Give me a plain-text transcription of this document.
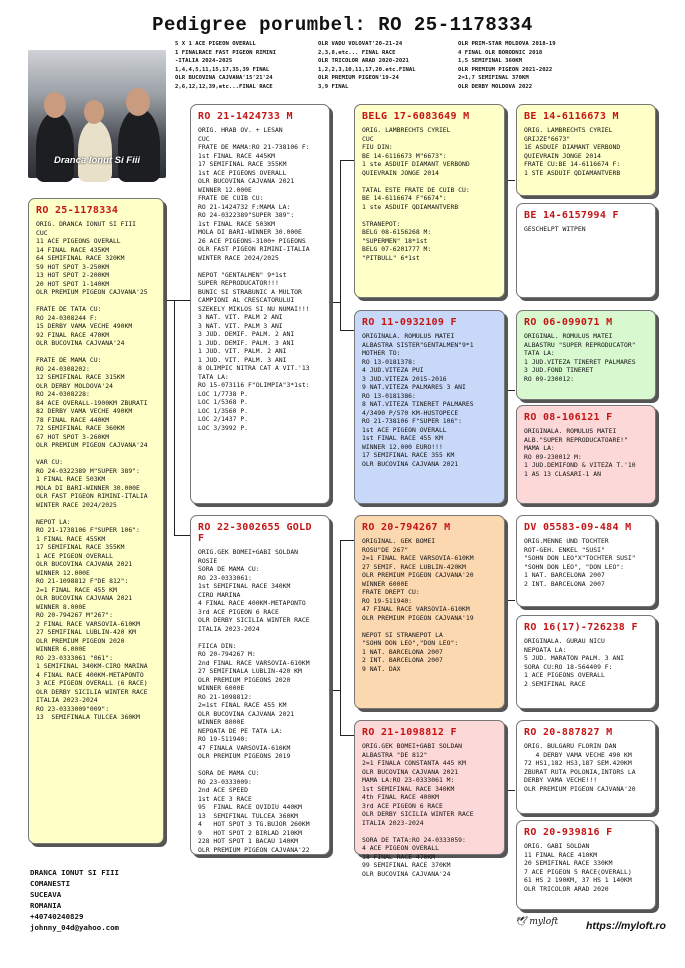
Pedigree porumbel: RO 25-1178334
Dranca Ionut Si Fiii
5 X 1 ACE PIGEON OVERALL
1 FINALRACE FAST PIGEON RIMINI
-ITALIA 2024-2025
1,4,4,5,11,15,17,35,39 FINAL
OLR BUCOVINA CAJVANA'15'21'24
2,6,12,12,39,etc...FINAL RACE
OLR VADU VOLOVAT'20-21-24
2,3,8,etc... FINAL RACE
OLR TRICOLOR ARAD 2020-2021
1,2,2,3,10,11,17,20.etc.FINAL
OLR PREMIUM PIGEON'19-24
3,9 FINAL
OLR PRIM-STAR MOLDOVA 2018-19
4 FINAL OLR BORODNIC 2018
1,5 SEMIFINAL 360KM
OLR PREMIUM PIGEON 2021-2022
2=1,7 SEMIFINAL 370KM
OLR DERBY MOLDOVA 2022
RO 25-1178334
ORIG. DRANCA IONUT SI FIII
CUC
11 ACE PIGEONS OVERALL
14 FINAL RACE 435KM
64 SEMIFINAL RACE 320KM
59 HOT SPOT 3-250KM
13 HOT SPOT 2-200KM
20 HOT SPOT 1-140KM
OLR PREMIUM PIGEON CAJVANA'25

FRATE DE TATA CU:
RO 24-0308244 F:
15 DERBY VAMA VECHE 490KM
92 FINAL RACE 470KM
OLR BUCOVINA CAJVANA'24

FRATE DE MAMA CU:
RO 24-0308202:
12 SEMIFINAL RACE 315KM
OLR DERBY MOLDOVA'24
RO 24-0308228:
84 ACE OVERALL-1900KM ZBURATI
82 DERBY VAMA VECHE 490KM
78 FINAL RACE 440KM
72 SEMIFINAL RACE 360KM
67 HOT SPOT 3-260KM
OLR PREMIUM PIGEON CAJVANA'24

VAR CU:
RO 24-0322389 M"SUPER 389":
1 FINAL RACE 503KM
MOLA DI BARI-WINNER 30.000E
OLR FAST PIGEON RIMINI-ITALIA
WINTER RACE 2024/2025

NEPOT LA:
RO 21-1738106 F"SUPER 106":
1 FINAL RACE 455KM
17 SEMIFINAL RACE 355KM
1 ACE PIGEON OVERALL
OLR BUCOVINA CAJVANA 2021
WINNER 12.000E
RO 21-1098812 F"DE 812":
2=1 FINAL RACE 455 KM
OLR BUCOVINA CAJVANA 2021
WINNER 8.000E
RO 20-794267 M"267":
2 FINAL RACE VARSOVIA-610KM
27 SEMIFINAL LUBLIN-420 KM
OLR PREMIUM PIGEON 2020
WINNER 6.000E
RO 23-0333061 "061":
1 SEMIFINAL 340KM-CIRO MARINA
4 FINAL RACE 400KM-METAPONTO
3 ACE PIGEON OVERALL (6 RACE)
OLR DERBY SICILIA WINTER RACE
ITALIA 2023-2024
RO 23-0333009"009":
13  SEMIFINALA TULCEA 360KM
RO 21-1424733 M
ORIG. HRAB OV. + LESAN
CUC
FRATE DE MAMA:RO 21-738106 F:
1st FINAL RACE 445KM
17 SEMIFINAL RACE 355KM
1st ACE PIGEONS OVERALL
OLR BUCOVINA CAJVANA 2021
WINNER 12.000E
FRATE DE CUIB CU:
RO 21-1424732 F:MAMA LA:
RO 24-0322389"SUPER 389":
1st FINAL RACE 503KM
MOLA DI BARI-WINNER 30.000E
26 ACE PIGEONS-3100+ PIGEONS
OLR FAST PIGEON RIMINI-ITALIA
WINTER RACE 2024/2025

NEPOT "GENTALMEN" 9*1st
SUPER REPRODUCATOR!!!
BUNIC SI STRABUNIC A MULTOR
CAMPIONI AL CRESCATORULUI
SZEKELY MIKLOS SI NU NUMAI!!!
3 NAT. VIT. PALM 2 ANI
3 NAT. VIT. PALM 3 ANI
3 JUD. DEMIF. PALM. 2 ANI
1 JUD. DEMIF. PALM. 3 ANI
1 JUD. VIT. PALM. 2 ANI
1 JUD. VIT. PALM. 3 ANI
8 OLIMPIC NITRA CAT A VIT.'13
TATA LA:
RO 15-073116 F"OLIMPIA"3*1st:
LOC 1/7738 P.
LOC 1/5368 P.
LOC 1/3560 P.
LOC 2/1437 P.
LOC 3/3992 P.
RO 22-3002655 GOLD F
ORIG.GEK BOMEI+GABI SOLDAN
ROSIE
SORA DE MAMA CU:
RO 23-0333061:
1st SEMIFINAL RACE 340KM
CIRO MARINA
4 FINAL RACE 400KM-METAPONTO
3rd ACE PIGEON 6 RACE
OLR DERBY SICILIA WINTER RACE
ITALIA 2023-2024

FIICA DIN:
RO 20-794267 M:
2nd FINAL RACE VARSOVIA-610KM
27 SEMIFINALA LUBLIN-420 KM
OLR PREMIUM PIGEONS 2020
WINNER 6000E
RO 21-1098812:
2=1st FINAL RACE 455 KM
OLR BUCOVINA CAJVANA 2021
WINNER 8000E
NEPOATA DE PE TATA LA:
RO 19-511940:
47 FINALA VARSOVIA-610KM
OLR PREMIUM PIGEONS 2019

SORA DE MAMA CU:
RO 23-0333009:
2nd ACE SPEED
1st ACE 3 RACE
95  FINAL RACE OVIDIU 440KM
13  SEMIFINAL TULCEA 360KM
4   HOT SPOT 3 TG.BUJOR 260KM
9   HOT SPOT 2 BIRLAD 210KM
228 HOT SPOT 1 BACAU 140KM
OLR PREMIUM PIGEON CAJVANA'22
BELG 17-6083649 M
ORIG. LAMBRECHTS CYRIEL
CUC
FIU DIN:
BE 14-6116673 M"6673":
1 ste ASDUIF DIAMANT VERBOND
QUIEVRAIN JONGE 2014

TATAL ESTE FRATE DE CUIB CU:
BE 14-6116674 F"6674":
1 ste ASDUIF QDIAMANTVERB

STRANEPOT:
BELG 08-6156268 M:
"SUPERMEN" 18*1st
BELG 07-6201777 M:
"PITBULL" 6*1st
RO 11-0932109 F
ORIGINALA. ROMULUS MATEI
ALBASTRA SISTER"GENTALMEN"9*1
MOTHER TO:
RO 13-0181378:
4 JUD.VITEZA PUI
3 JUD.VITEZA 2015-2016
9 NAT.VITEZA PALMARES 3 ANI
RO 13-0181386:
8 NAT.VITEZA TINERET PALMARES
4/3490 P/570 KM-HUSTOPECE
RO 21-738106 F"SUPER 106":
1st ACE PIGEON OVERALL
1st FINAL RACE 455 KM
WINNER 12.000 EURO!!!
17 SEMIFINAL RACE 355 KM
OLR BUCOVINA CAJVANA 2021
RO 20-794267 M
ORIGINAL. GEK BOMEI
ROSU"DE 267"
2=1 FINAL RACE VARSOVIA-610KM
27 SEMIF. RACE LUBLIN-420KM
OLR PREMIUM PIGEON CAJVANA'20
WINNER 6000E
FRATE DREPT CU:
RO 19-511940:
47 FINAL RACE VARSOVIA-610KM
OLR PREMIUM PIGEON CAJVANA'19

NEPOT SI STRANEPOT LA
"SOHN DON LEO","DON LEO":
1 NAT. BARCELONA 2007
2 INT. BARCELONA 2007
9 NAT. DAX
RO 21-1098812 F
ORIG.GEK BOMEI+GABI SOLDAN
ALBASTRA "DE 812"
2=1 FINALA CONSTANTA 445 KM
OLR BUCOVINA CAJVANA 2021
MAMA LA:RO 23-0333061 M:
1st SEMIFINAL RACE 340KM
4th FINAL RACE 400KM
3rd ACE PIGEON 6 RACE
OLR DERBY SICILIA WINTER RACE
ITALIA 2023-2024

SORA DE TATA:RO 24-0333059:
4 ACE PIGEON OVERALL
18 FINAL RACE 470KM
99 SEMIFINAL RACE 370KM
OLR BUCOVINA CAJVANA'24
BE 14-6116673 M
ORIG. LAMBRECHTS CYRIEL
GRIJZE"6673"
1E ASDUIF DIAMANT VERBOND
QUIEVRAIN JONGE 2014
FRATE CU:BE 14-6116674 F:
1 STE ASDUIF QDIAMANTVERB
BE 14-6157994 F
GESCHELPT WITPEN
RO 06-099071 M
ORIGINAL. ROMULUS MATEI
ALBASTRU "SUPER REPRODUCATOR"
TATA LA:
1 JUD.VITEZA TINERET PALMARES
3 JUD.FOND TINERET
RO 09-230012:
RO 08-106121 F
ORIGINALA. ROMULUS MATEI
ALB."SUPER REPRODUCATOARE!"
MAMA LA:
RO 09-230012 M:
1 JUD.DEMIFOND & VITEZA T.'10
1 AS 13 CLASARI-1 AN
DV 05583-09-484 M
ORIG.MENNE UND TOCHTER
ROT-GEH. ENKEL "SUSI"
"SOHN DON LEO"X"TOCHTER SUSI"
"SOHN DON LEO", "DON LEO":
1 NAT. BARCELONA 2007
2 INT. BARCELONA 2007
RO 16(17)-726238 F
ORIGINALA. GURAU NICU
NEPOATA LA:
5 JUD. MARATON PALM. 3 ANI
SORA CU:RO 18-564409 F:
1 ACE PIGEONS OVERALL
2 SEMIFINAL RACE
RO 20-887827 M
ORIG. BULGARU FLORIN DAN
4 DERBY VAMA VECHE 490 KM
72 HS1,182 HS3,187 SEM.420KM
ZBURAT RUTA POLONIA,INTORS LA
DERBY VAMA VECHE!!!
OLR PREMIUM PIGEON CAJVANA'20
RO 20-939816 F
ORIG. GABI SOLDAN
11 FINAL RACE 410KM
20 SEMIFINAL RACE 330KM
7 ACE PIGEON 5 RACE(OVERALL)
61 HS 2 190KM, 37 HS 1 140KM
OLR TRICOLOR ARAD 2020
DRANCA IONUT SI FIII
COMANESTI
SUCEAVA
ROMANIA
+40740240829
johnny_04d@yahoo.com
🕊 myloft	https://myloft.ro
